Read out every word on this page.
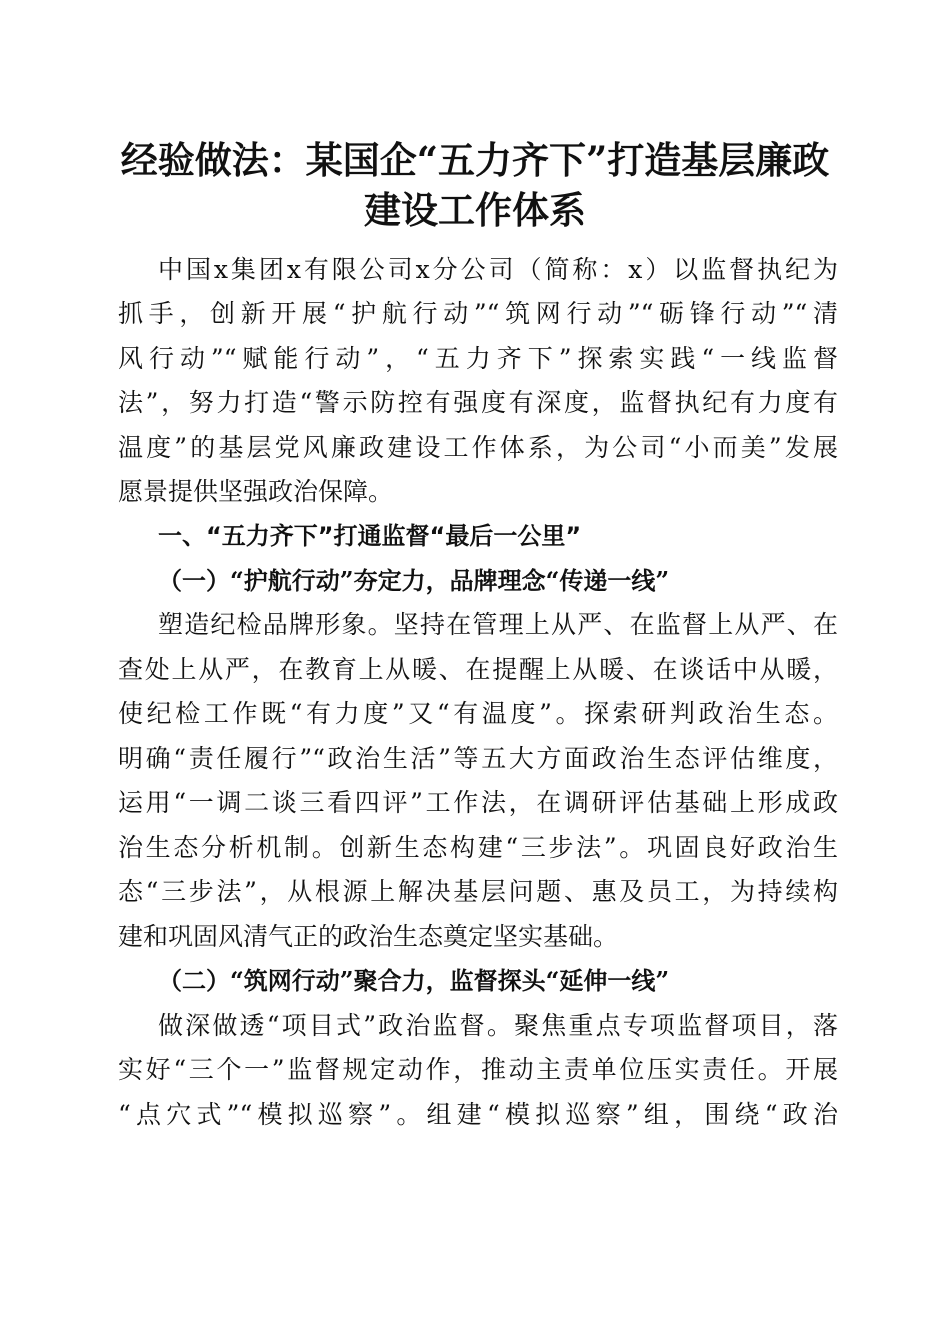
经验做法：某国企“五力齐下”打造基层廉政
建设工作体系
中国x集团x有限公司x分公司（简称：x）以监督执纪为
抓手，创新开展“护航行动”“筑网行动”“砺锋行动”“清
风行动”“赋能行动”，“五力齐下”探索实践“一线监督
法”，努力打造“警示防控有强度有深度，监督执纪有力度有
温度”的基层党风廉政建设工作体系，为公司“小而美”发展
愿景提供坚强政治保障。
一、“五力齐下”打通监督“最后一公里”
（一）“护航行动”夯定力，品牌理念“传递一线”
塑造纪检品牌形象。坚持在管理上从严、在监督上从严、在
查处上从严，在教育上从暖、在提醒上从暖、在谈话中从暖，
使纪检工作既“有力度”又“有温度”。探索研判政治生态。
明确“责任履行”“政治生活”等五大方面政治生态评估维度，
运用“一调二谈三看四评”工作法，在调研评估基础上形成政
治生态分析机制。创新生态构建“三步法”。巩固良好政治生
态“三步法”，从根源上解决基层问题、惠及员工，为持续构
建和巩固风清气正的政治生态奠定坚实基础。
（二）“筑网行动”聚合力，监督探头“延伸一线”
做深做透“项目式”政治监督。聚焦重点专项监督项目，落
实好“三个一”监督规定动作，推动主责单位压实责任。开展
“点穴式”“模拟巡察”。组建“模拟巡察”组，围绕“政治
